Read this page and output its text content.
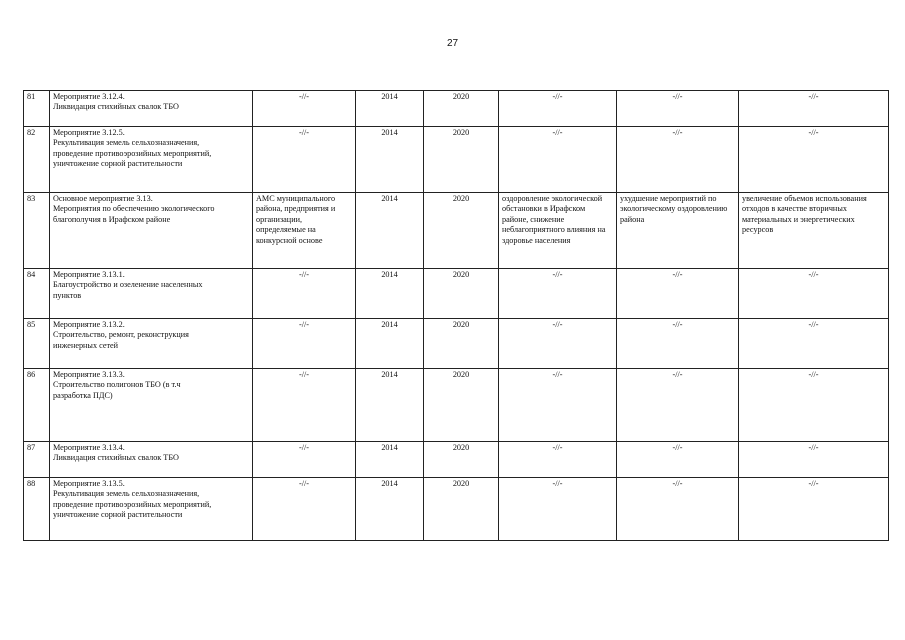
27
81	Мероприятие 3.12.4.
Ликвидация стихийных свалок ТБО	-//-	2014	2020	-//-	-//-	-//-
82	Мероприятие 3.12.5.
Рекультивация земель сельхозназначения,
проведение противоэрозийных мероприятий,
уничтожение сорной растительности	-//-	2014	2020	-//-	-//-	-//-
83	Основное мероприятие 3.13.
Мероприятия по обеспечению экологического
благополучия в Ирафском районе	АМС муниципального района, предприятия и организации, определяемые на конкурсной основе	2014	2020	оздоровление экологической обстановки в Ирафском районе, снижение неблагоприятного влияния на здоровье населения	ухудшение мероприятий по экологическому оздоровлению района	увеличение объемов использования отходов в качестве вторичных материальных и энергетических ресурсов
84	Мероприятие 3.13.1.
Благоустройство и озеленение населенных
пунктов	-//-	2014	2020	-//-	-//-	-//-
85	Мероприятие 3.13.2.
Строительство, ремонт, реконструкция
инженерных сетей	-//-	2014	2020	-//-	-//-	-//-
86	Мероприятие 3.13.3.
Строительство полигонов ТБО (в т.ч
разработка ПДС)	-//-	2014	2020	-//-	-//-	-//-
87	Мероприятие 3.13.4.
Ликвидация стихийных свалок ТБО	-//-	2014	2020	-//-	-//-	-//-
88	Мероприятие 3.13.5.
Рекультивация земель сельхозназначения,
проведение противоэрозийных мероприятий,
уничтожение сорной растительности	-//-	2014	2020	-//-	-//-	-//-
